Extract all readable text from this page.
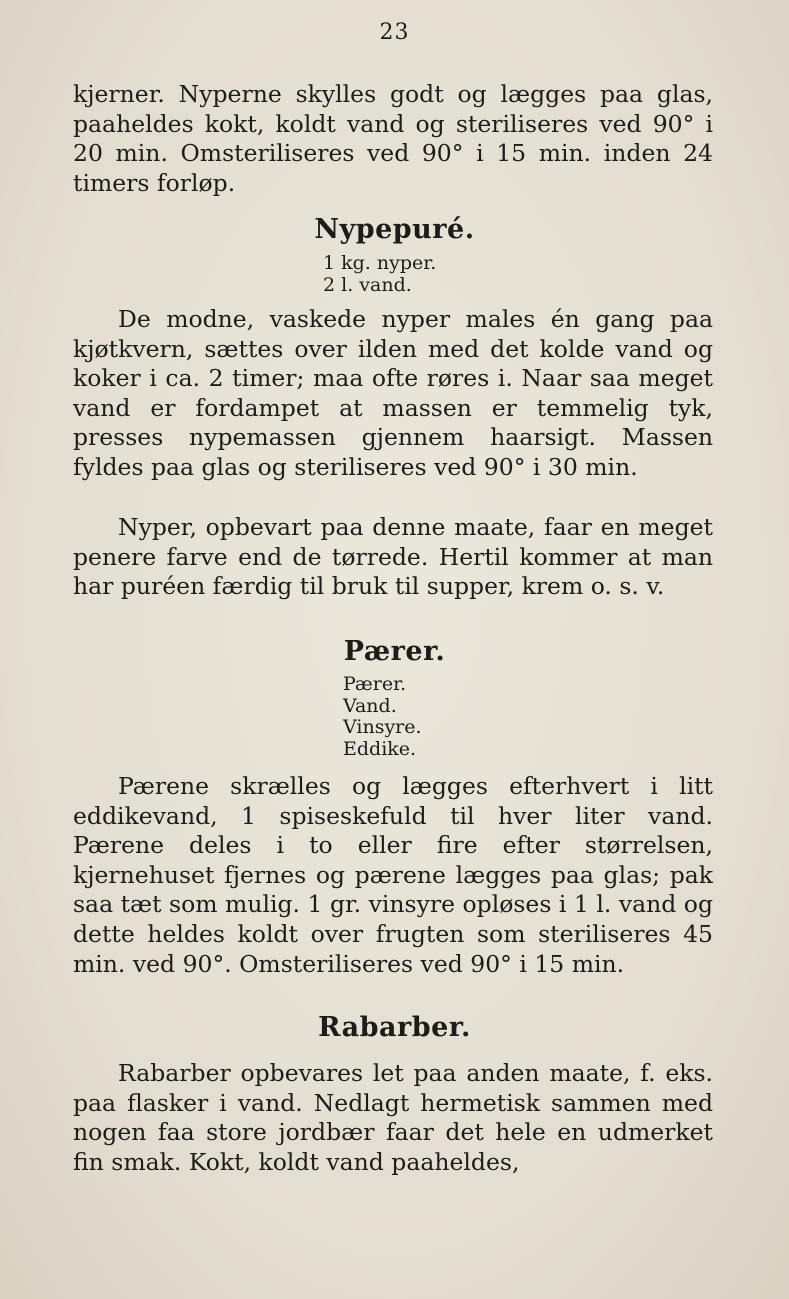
23

kjerner. Nyperne skylles godt og lægges paa glas, paaheldes kokt, koldt vand og steriliseres ved 90° i 20 min. Omsteriliseres ved 90° i 15 min. inden 24 timers forløp.

Nypepuré.
1 kg. nyper.
2 l. vand.

De modne, vaskede nyper males én gang paa kjøtkvern, sættes over ilden med det kolde vand og koker i ca. 2 timer; maa ofte røres i. Naar saa meget vand er fordampet at massen er temmelig tyk, presses nypemassen gjennem haarsigt. Massen fyldes paa glas og steriliseres ved 90° i 30 min.

Nyper, opbevart paa denne maate, faar en meget penere farve end de tørrede. Hertil kommer at man har puréen færdig til bruk til supper, krem o. s. v.

Pærer.
Pærer.
Vand.
Vinsyre.
Eddike.

Pærene skrælles og lægges efterhvert i litt eddikevand, 1 spiseskefuld til hver liter vand. Pærene deles i to eller fire efter størrelsen, kjernehuset fjernes og pærene lægges paa glas; pak saa tæt som mulig. 1 gr. vinsyre opløses i 1 l. vand og dette heldes koldt over frugten som steriliseres 45 min. ved 90°. Omsteriliseres ved 90° i 15 min.

Rabarber.

Rabarber opbevares let paa anden maate, f. eks. paa flasker i vand. Nedlagt hermetisk sammen med nogen faa store jordbær faar det hele en udmerket fin smak. Kokt, koldt vand paaheldes,
